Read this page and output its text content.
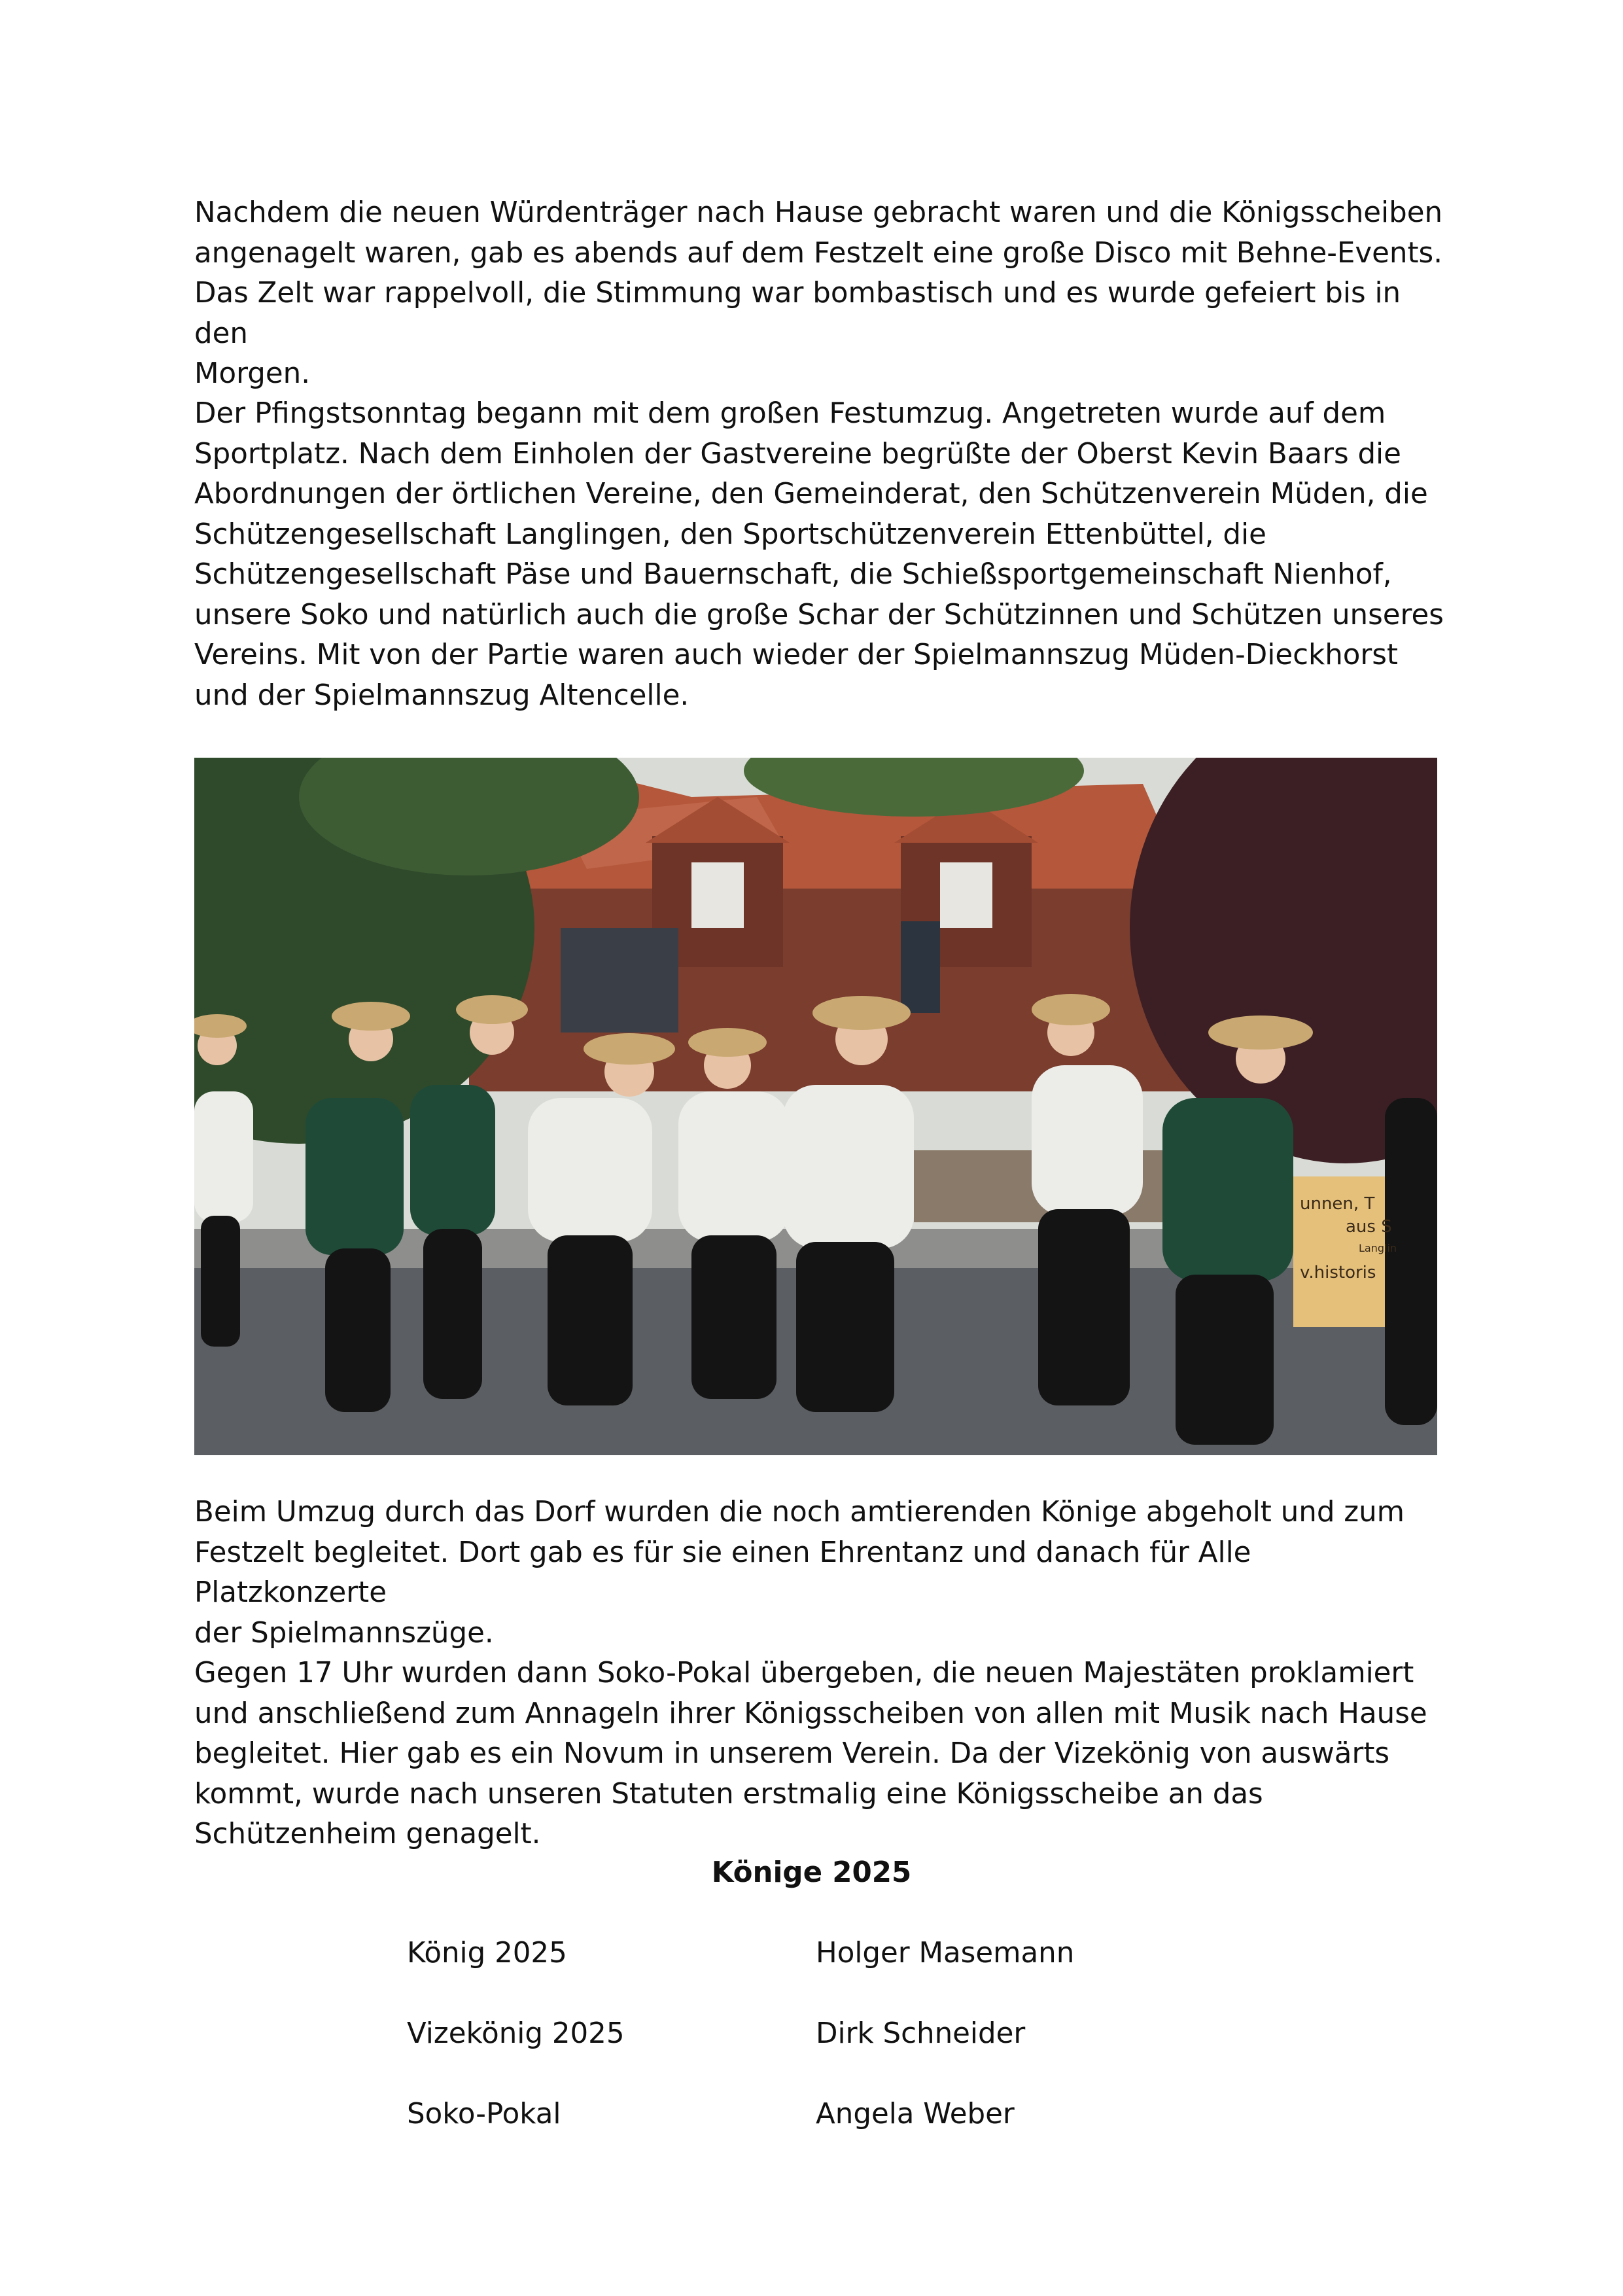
Nachdem die neuen Würdenträger nach Hause gebracht waren und die Königsscheiben
angenagelt waren, gab es abends auf dem Festzelt eine große Disco mit Behne-Events.
Das Zelt war rappelvoll, die Stimmung war bombastisch und es wurde gefeiert bis in den
Morgen.

Der Pfingstsonntag begann mit dem großen Festumzug. Angetreten wurde auf dem
Sportplatz. Nach dem Einholen der Gastvereine begrüßte der Oberst Kevin Baars die
Abordnungen der örtlichen Vereine, den Gemeinderat, den Schützenverein Müden, die
Schützengesellschaft Langlingen, den Sportschützenverein Ettenbüttel, die
Schützengesellschaft Päse und Bauernschaft, die Schießsportgemeinschaft Nienhof,
unsere Soko und natürlich auch die große Schar der Schützinnen und Schützen unseres
Vereins. Mit von der Partie waren auch wieder der Spielmannszug Müden-Dieckhorst
und der Spielmannszug Altencelle.

unnen, T
aus S
Langlin
v.historis

Beim Umzug durch das Dorf wurden die noch amtierenden Könige abgeholt und zum
Festzelt begleitet. Dort gab es für sie einen Ehrentanz und danach für Alle Platzkonzerte
der Spielmannszüge.
Gegen 17 Uhr wurden dann Soko-Pokal übergeben, die neuen Majestäten proklamiert
und anschließend zum Annageln ihrer Königsscheiben von allen mit Musik nach Hause
begleitet. Hier gab es ein Novum in unserem Verein. Da der Vizekönig von auswärts
kommt, wurde nach unseren Statuten erstmalig eine Königsscheibe an das
Schützenheim genagelt.

Könige 2025
König 2025	Holger Masemann
Vizekönig 2025	Dirk Schneider
Soko-Pokal	Angela Weber
